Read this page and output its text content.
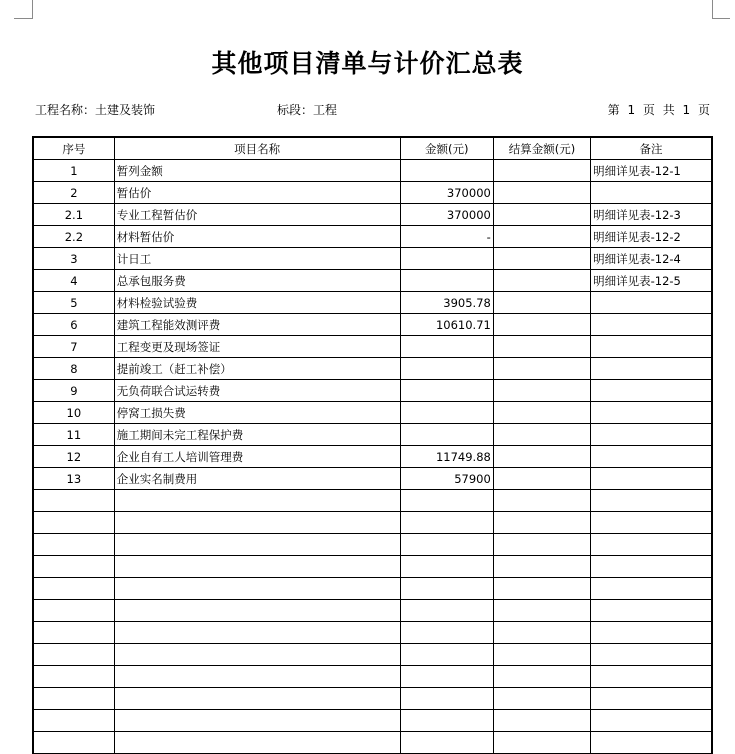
其他项目清单与计价汇总表
工程名称：土建及装饰	标段：工程	第 1 页 共 1 页
序号	项目名称	金额(元)	结算金额(元)	备注
1	暂列金额			明细详见表-12-1
2	暂估价	370000		
2.1	专业工程暂估价	370000		明细详见表-12-3
2.2	材料暂估价	-		明细详见表-12-2
3	计日工			明细详见表-12-4
4	总承包服务费			明细详见表-12-5
5	材料检验试验费	3905.78		
6	建筑工程能效测评费	10610.71		
7	工程变更及现场签证			
8	提前竣工（赶工补偿）			
9	无负荷联合试运转费			
10	停窝工损失费			
11	施工期间未完工程保护费			
12	企业自有工人培训管理费	11749.88		
13	企业实名制费用	57900		
